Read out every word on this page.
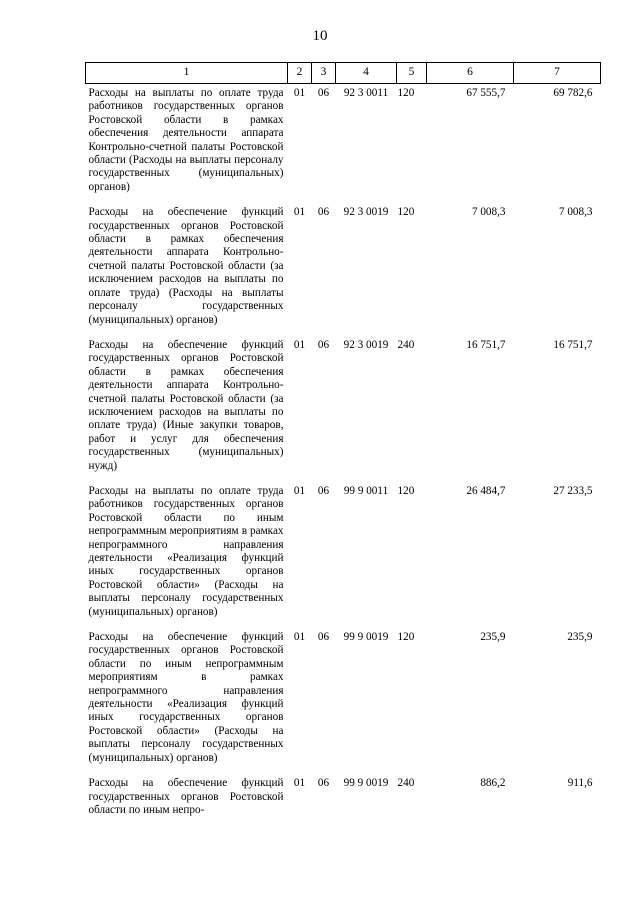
10
1	2	3	4	5	6	7
Расходы на выплаты по оплате труда работников государственных органов Ростовской области в рамках обеспечения деятельности аппарата Контрольно-счетной палаты Ростовской области (Расходы на выплаты персоналу государственных (муниципальных) органов)	01	06	92 3 0011	120	67 555,7	69 782,6
Расходы на обеспечение функций государственных органов Ростовской области в рамках обеспечения деятельности аппарата Контрольно-счетной палаты Ростовской области (за исключением расходов на выплаты по оплате труда) (Расходы на выплаты персоналу государственных (муниципальных) органов)	01	06	92 3 0019	120	7 008,3	7 008,3
Расходы на обеспечение функций государственных органов Ростовской области в рамках обеспечения деятельности аппарата Контрольно-счетной палаты Ростовской области (за исключением расходов на выплаты по оплате труда) (Иные закупки товаров, работ и услуг для обеспечения государственных (муниципальных) нужд)	01	06	92 3 0019	240	16 751,7	16 751,7
Расходы на выплаты по оплате труда работников государственных органов Ростовской области по иным непрограммным мероприятиям в рамках непрограммного направления деятельности «Реализация функций иных государственных органов Ростовской области» (Расходы на выплаты персоналу государственных (муниципальных) органов)	01	06	99 9 0011	120	26 484,7	27 233,5
Расходы на обеспечение функций государственных органов Ростовской области по иным непрограммным мероприятиям в рамках непрограммного направления деятельности «Реализация функций иных государственных органов Ростовской области» (Расходы на выплаты персоналу государственных (муниципальных) органов)	01	06	99 9 0019	120	235,9	235,9
Расходы на обеспечение функций государственных органов Ростовской области по иным непро-	01	06	99 9 0019	240	886,2	911,6
